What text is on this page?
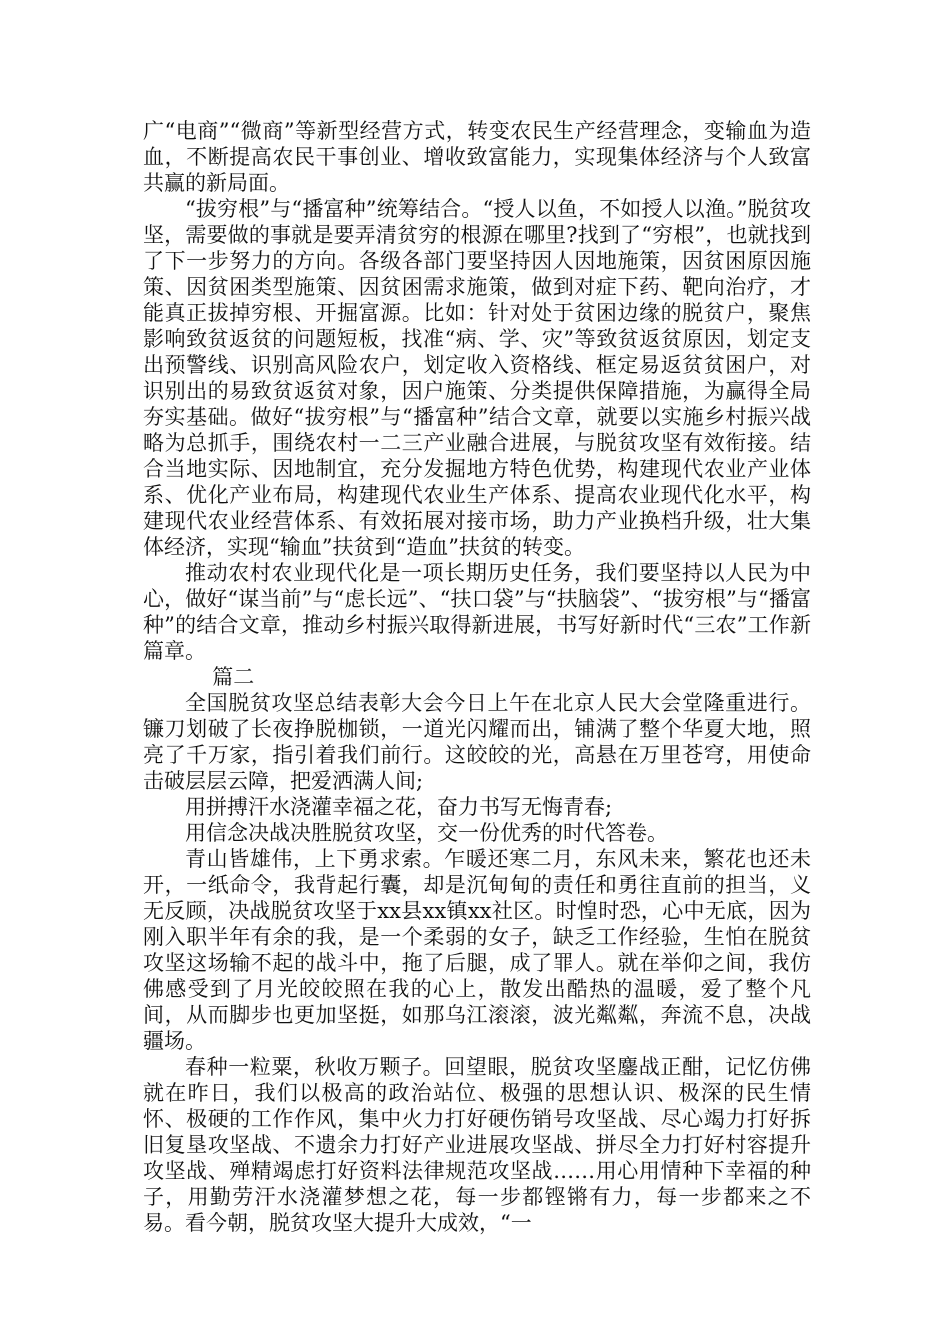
广“电商”“微商”等新型经营方式，转变农民生产经营理念，变输血为造血，不断提高农民干事创业、增收致富能力，实现集体经济与个人致富共赢的新局面。

“拔穷根”与“播富种”统筹结合。“授人以鱼，不如授人以渔。”脱贫攻坚，需要做的事就是要弄清贫穷的根源在哪里?找到了“穷根”，也就找到了下一步努力的方向。各级各部门要坚持因人因地施策，因贫困原因施策、因贫困类型施策、因贫困需求施策，做到对症下药、靶向治疗，才能真正拔掉穷根、开掘富源。比如：针对处于贫困边缘的脱贫户，聚焦影响致贫返贫的问题短板，找准“病、学、灾”等致贫返贫原因，划定支出预警线、识别高风险农户，划定收入资格线、框定易返贫贫困户，对识别出的易致贫返贫对象，因户施策、分类提供保障措施，为赢得全局夯实基础。做好“拔穷根”与“播富种”结合文章，就要以实施乡村振兴战略为总抓手，围绕农村一二三产业融合进展，与脱贫攻坚有效衔接。结合当地实际、因地制宜，充分发掘地方特色优势，构建现代农业产业体系、优化产业布局，构建现代农业生产体系、提高农业现代化水平，构建现代农业经营体系、有效拓展对接市场，助力产业换档升级，壮大集体经济，实现“输血”扶贫到“造血”扶贫的转变。

推动农村农业现代化是一项长期历史任务，我们要坚持以人民为中心，做好“谋当前”与“虑长远”、“扶口袋”与“扶脑袋”、“拔穷根”与“播富种”的结合文章，推动乡村振兴取得新进展，书写好新时代“三农”工作新篇章。

篇二

全国脱贫攻坚总结表彰大会今日上午在北京人民大会堂隆重进行。镰刀划破了长夜挣脱枷锁，一道光闪耀而出，铺满了整个华夏大地，照亮了千万家，指引着我们前行。这皎皎的光，高悬在万里苍穹，用使命击破层层云障，把爱洒满人间;

用拼搏汗水浇灌幸福之花，奋力书写无悔青春;

用信念决战决胜脱贫攻坚，交一份优秀的时代答卷。

青山皆雄伟，上下勇求索。乍暖还寒二月，东风未来，繁花也还未开，一纸命令，我背起行囊，却是沉甸甸的责任和勇往直前的担当，义无反顾，决战脱贫攻坚于xx县xx镇xx社区。时惶时恐，心中无底，因为刚入职半年有余的我，是一个柔弱的女子，缺乏工作经验，生怕在脱贫攻坚这场输不起的战斗中，拖了后腿，成了罪人。就在举仰之间，我仿佛感受到了月光皎皎照在我的心上，散发出酷热的温暖，爱了整个凡间，从而脚步也更加坚挺，如那乌江滚滚，波光粼粼，奔流不息，决战疆场。

春种一粒粟，秋收万颗子。回望眼，脱贫攻坚鏖战正酣，记忆仿佛就在昨日，我们以极高的政治站位、极强的思想认识、极深的民生情怀、极硬的工作作风，集中火力打好硬伤销号攻坚战、尽心竭力打好拆旧复垦攻坚战、不遗余力打好产业进展攻坚战、拼尽全力打好村容提升攻坚战、殚精竭虑打好资料法律规范攻坚战……用心用情种下幸福的种子，用勤劳汗水浇灌梦想之花，每一步都铿锵有力，每一步都来之不易。看今朝，脱贫攻坚大提升大成效，“一
